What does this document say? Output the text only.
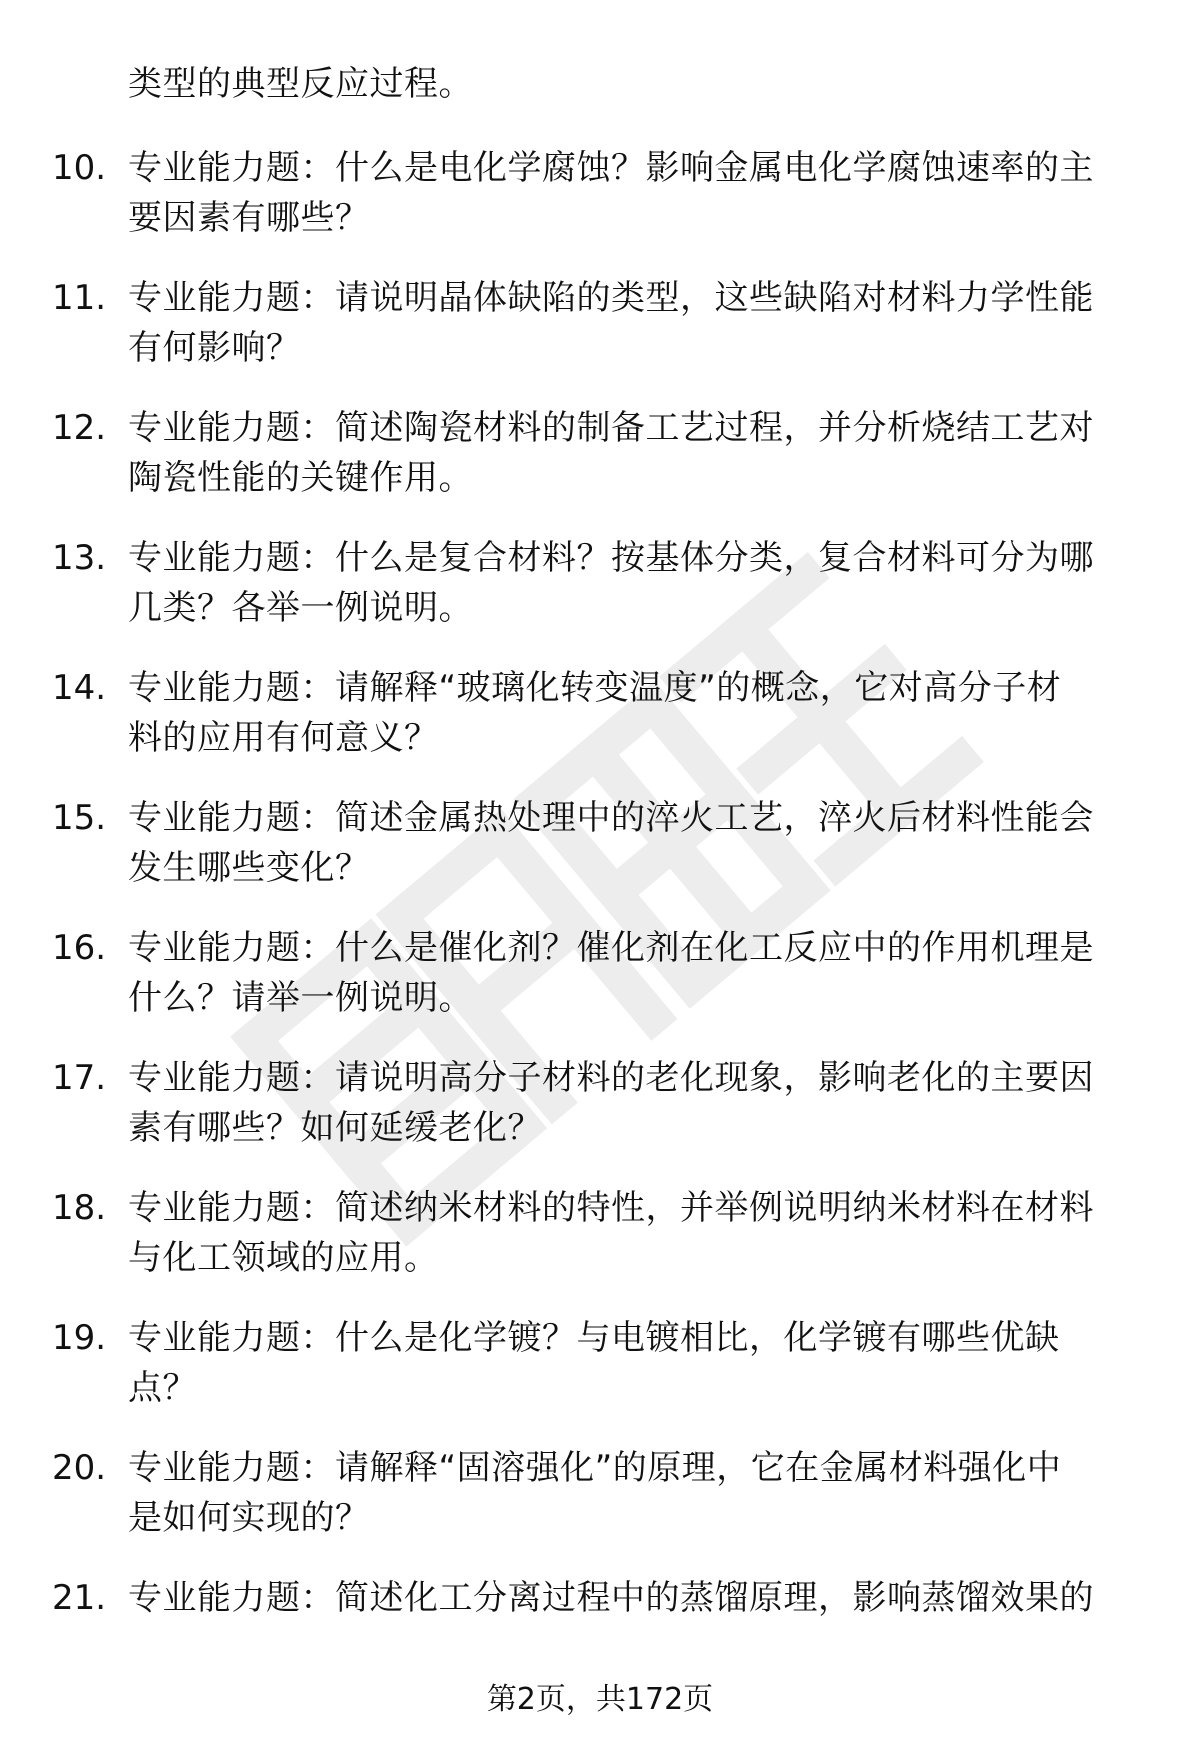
类型的典型反应过程。
10. 专业能力题：什么是电化学腐蚀？影响金属电化学腐蚀速率的主
要因素有哪些？
11. 专业能力题：请说明晶体缺陷的类型，这些缺陷对材料力学性能
有何影响？
12. 专业能力题：简述陶瓷材料的制备工艺过程，并分析烧结工艺对
陶瓷性能的关键作用。
13. 专业能力题：什么是复合材料？按基体分类，复合材料可分为哪
几类？各举一例说明。
14. 专业能力题：请解释“玻璃化转变温度”的概念，它对高分子材
料的应用有何意义？
15. 专业能力题：简述金属热处理中的淬火工艺，淬火后材料性能会
发生哪些变化？
16. 专业能力题：什么是催化剂？催化剂在化工反应中的作用机理是
什么？请举一例说明。
17. 专业能力题：请说明高分子材料的老化现象，影响老化的主要因
素有哪些？如何延缓老化？
18. 专业能力题：简述纳米材料的特性，并举例说明纳米材料在材料
与化工领域的应用。
19. 专业能力题：什么是化学镀？与电镀相比，化学镀有哪些优缺
点？
20. 专业能力题：请解释“固溶强化”的原理，它在金属材料强化中
是如何实现的？
21. 专业能力题：简述化工分离过程中的蒸馏原理，影响蒸馏效果的
第2页，共172页
